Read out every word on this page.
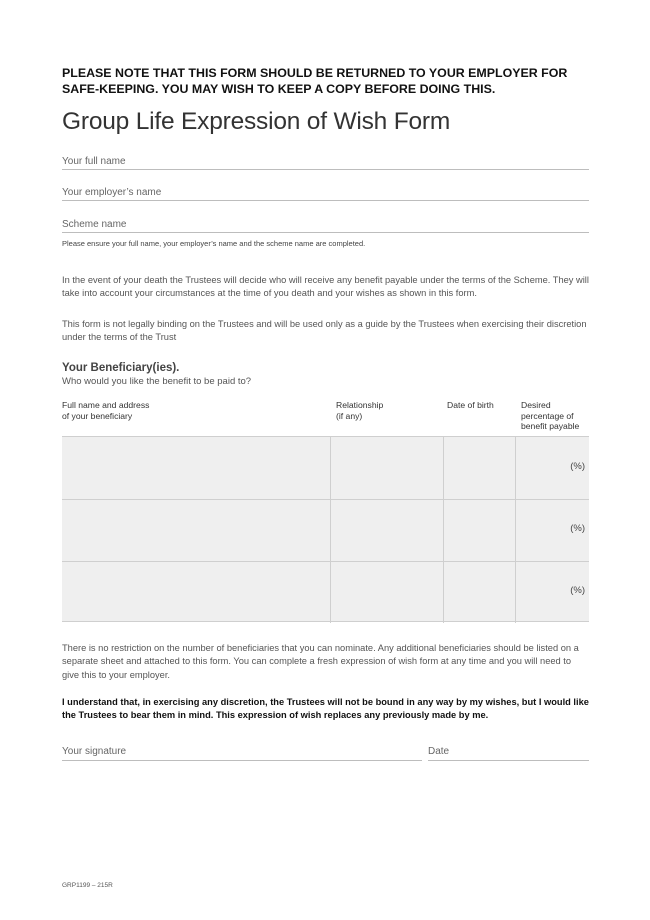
PLEASE NOTE THAT THIS FORM SHOULD BE RETURNED TO YOUR EMPLOYER FOR SAFE-KEEPING. YOU MAY WISH TO KEEP A COPY BEFORE DOING THIS.
Group Life Expression of Wish Form
Your full name
Your employer’s name
Scheme name
Please ensure your full name, your employer’s name and the scheme name are completed.
In the event of your death the Trustees will decide who will receive any benefit payable under the terms of the Scheme. They will take into account your circumstances at the time of you death and your wishes as shown in this form.
This form is not legally binding on the Trustees and will be used only as a guide by the Trustees when exercising their discretion under the terms of the Trust
Your Beneficiary(ies).
Who would you like the benefit to be paid to?
Full name and address
of your beneficiary
Relationship
(if any)
Date of birth	Desired
percentage of
benefit payable
(%)
(%)
(%)
There is no restriction on the number of beneficiaries that you can nominate. Any additional beneficiaries should be listed on a separate sheet and attached to this form. You can complete a fresh expression of wish form at any time and you will need to give this to your employer.
I understand that, in exercising any discretion, the Trustees will not be bound in any way by my wishes, but I would like the Trustees to bear them in mind. This expression of wish replaces any previously made by me.
Your signature	Date
GRP1199 – 215R
